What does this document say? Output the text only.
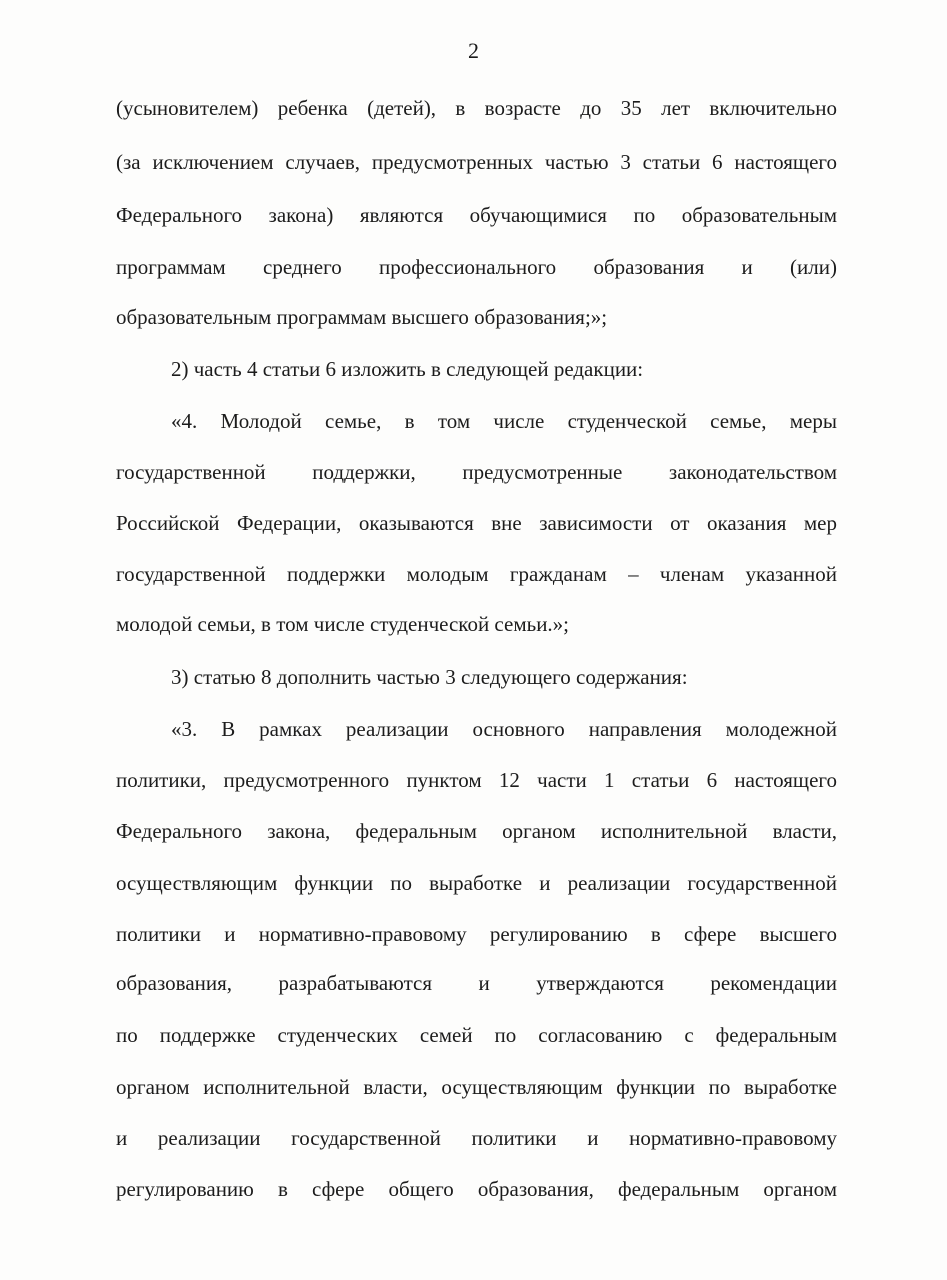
2
(усыновителем) ребенка (детей), в возрасте до 35 лет включительно
(за исключением случаев, предусмотренных частью 3 статьи 6 настоящего
Федерального закона) являются обучающимися по образовательным
программам среднего профессионального образования и (или)
образовательным программам высшего образования;»;
2) часть 4 статьи 6 изложить в следующей редакции:
«4. Молодой семье, в том числе студенческой семье, меры
государственной поддержки, предусмотренные законодательством
Российской Федерации, оказываются вне зависимости от оказания мер
государственной поддержки молодым гражданам – членам указанной
молодой семьи, в том числе студенческой семьи.»;
3) статью 8 дополнить частью 3 следующего содержания:
«3. В рамках реализации основного направления молодежной
политики, предусмотренного пунктом 12 части 1 статьи 6 настоящего
Федерального закона, федеральным органом исполнительной власти,
осуществляющим функции по выработке и реализации государственной
политики и нормативно-правовому регулированию в сфере высшего
образования, разрабатываются и утверждаются рекомендации
по поддержке студенческих семей по согласованию с федеральным
органом исполнительной власти, осуществляющим функции по выработке
и реализации государственной политики и нормативно-правовому
регулированию в сфере общего образования, федеральным органом
